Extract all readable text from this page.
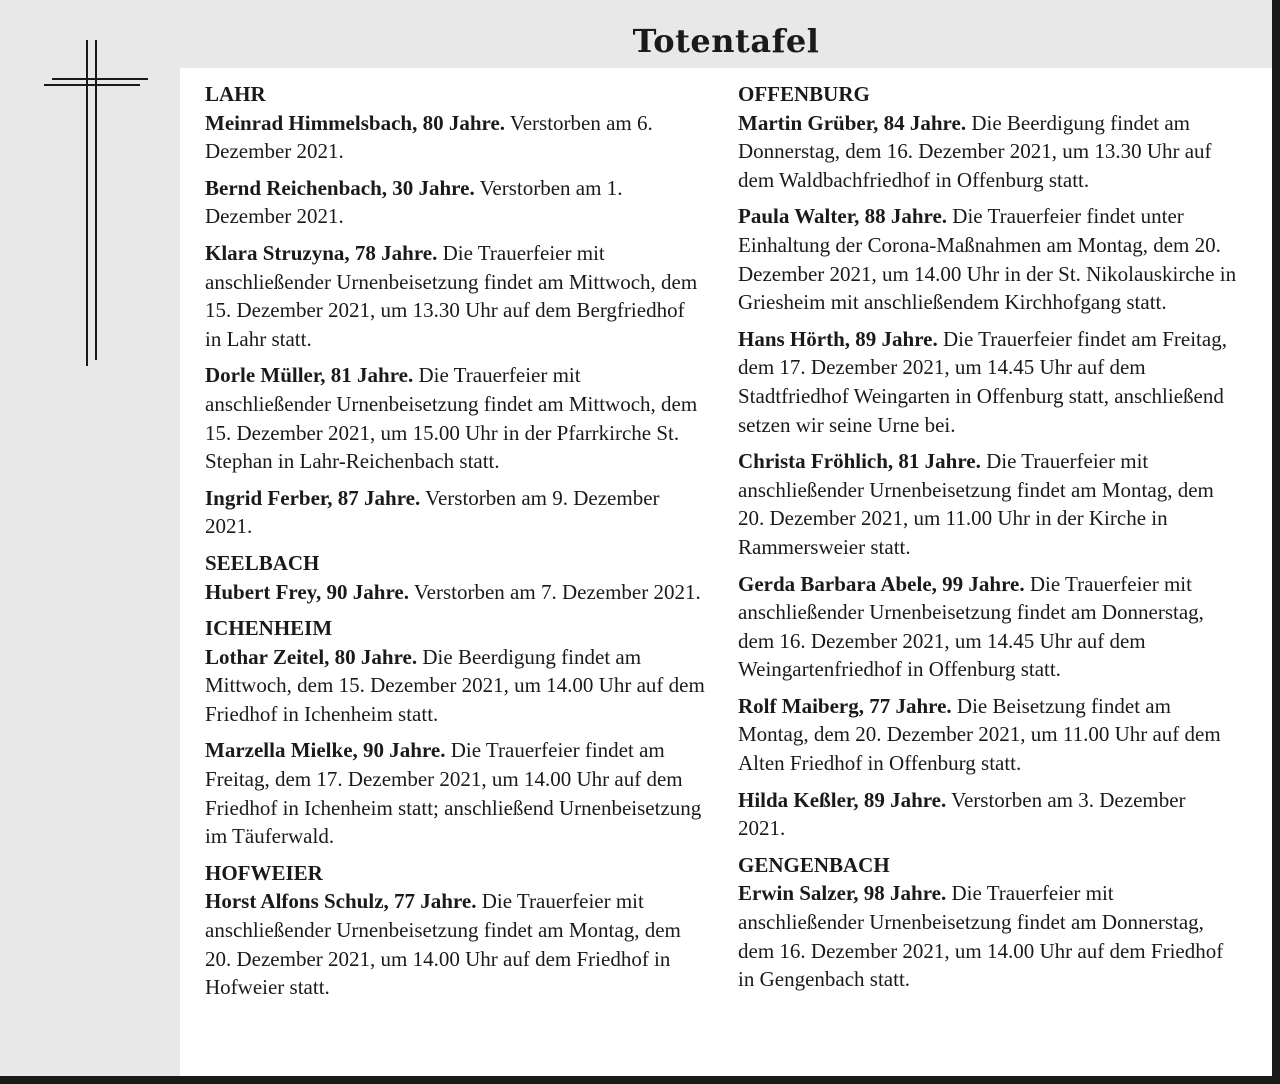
Totentafel
LAHR
Meinrad Himmelsbach, 80 Jahre. Verstorben am 6. Dezember 2021.
Bernd Reichenbach, 30 Jahre. Verstorben am 1. Dezember 2021.
Klara Struzyna, 78 Jahre. Die Trauerfeier mit anschließender Urnenbeisetzung findet am Mittwoch, dem 15. Dezember 2021, um 13.30 Uhr auf dem Bergfriedhof in Lahr statt.
Dorle Müller, 81 Jahre. Die Trauerfeier mit anschließender Urnenbeisetzung findet am Mittwoch, dem 15. Dezember 2021, um 15.00 Uhr in der Pfarrkirche St. Stephan in Lahr-Reichenbach statt.
Ingrid Ferber, 87 Jahre. Verstorben am 9. Dezember 2021.
SEELBACH
Hubert Frey, 90 Jahre. Verstorben am 7. Dezember 2021.
ICHENHEIM
Lothar Zeitel, 80 Jahre. Die Beerdigung findet am Mittwoch, dem 15. Dezember 2021, um 14.00 Uhr auf dem Friedhof in Ichenheim statt.
Marzella Mielke, 90 Jahre. Die Trauerfeier findet am Freitag, dem 17. Dezember 2021, um 14.00 Uhr auf dem Friedhof in Ichenheim statt; anschließend Urnenbeisetzung im Täuferwald.
HOFWEIER
Horst Alfons Schulz, 77 Jahre. Die Trauerfeier mit anschließender Urnenbeisetzung findet am Montag, dem 20. Dezember 2021, um 14.00 Uhr auf dem Friedhof in Hofweier statt.
OFFENBURG
Martin Grüber, 84 Jahre. Die Beerdigung findet am Donnerstag, dem 16. Dezember 2021, um 13.30 Uhr auf dem Waldbachfriedhof in Offenburg statt.
Paula Walter, 88 Jahre. Die Trauerfeier findet unter Einhaltung der Corona-Maßnahmen am Montag, dem 20. Dezember 2021, um 14.00 Uhr in der St. Nikolauskirche in Griesheim mit anschließendem Kirchhofgang statt.
Hans Hörth, 89 Jahre. Die Trauerfeier findet am Freitag, dem 17. Dezember 2021, um 14.45 Uhr auf dem Stadtfriedhof Weingarten in Offenburg statt, anschließend setzen wir seine Urne bei.
Christa Fröhlich, 81 Jahre. Die Trauerfeier mit anschließender Urnenbeisetzung findet am Montag, dem 20. Dezember 2021, um 11.00 Uhr in der Kirche in Rammersweier statt.
Gerda Barbara Abele, 99 Jahre. Die Trauerfeier mit anschließender Urnenbeisetzung findet am Donnerstag, dem 16. Dezember 2021, um 14.45 Uhr auf dem Weingartenfriedhof in Offenburg statt.
Rolf Maiberg, 77 Jahre. Die Beisetzung findet am Montag, dem 20. Dezember 2021, um 11.00 Uhr auf dem Alten Friedhof in Offenburg statt.
Hilda Keßler, 89 Jahre. Verstorben am 3. Dezember 2021.
GENGENBACH
Erwin Salzer, 98 Jahre. Die Trauerfeier mit anschließender Urnenbeisetzung findet am Donnerstag, dem 16. Dezember 2021, um 14.00 Uhr auf dem Friedhof in Gengenbach statt.
